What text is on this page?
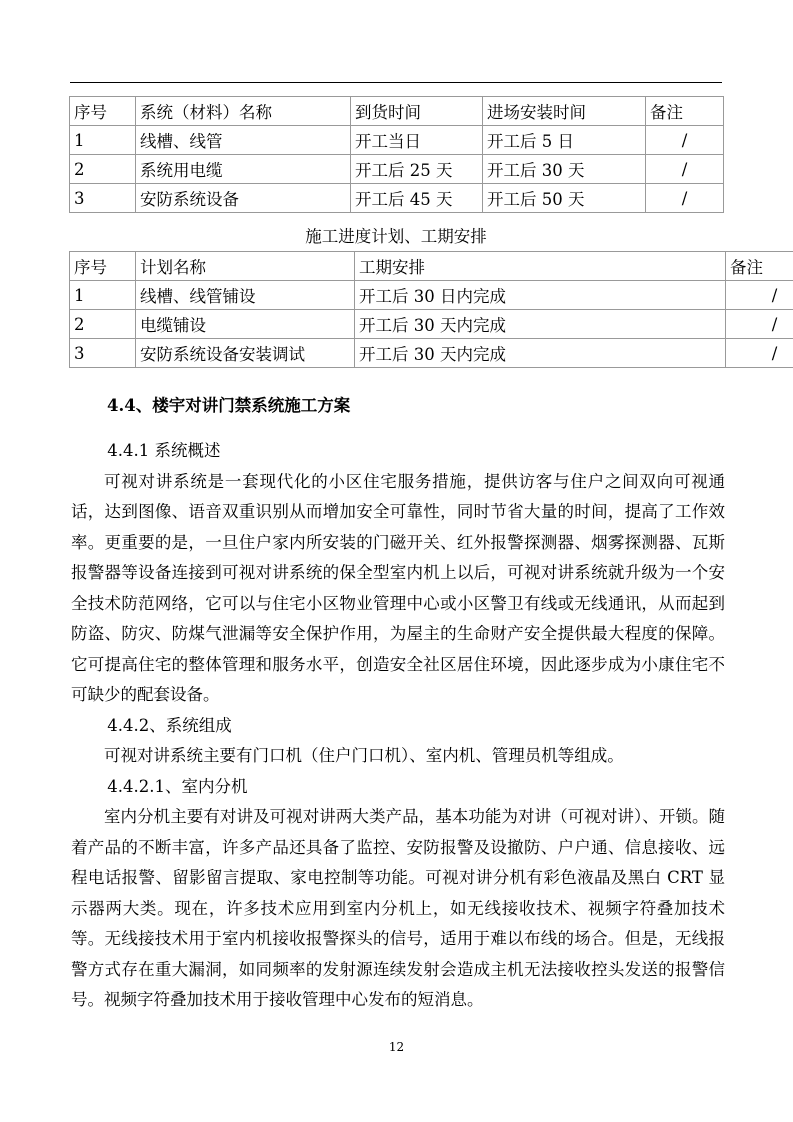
序号	系统（材料）名称	到货时间	进场安装时间	备注
1	线槽、线管	开工当日	开工后 5 日	/
2	系统用电缆	开工后 25 天	开工后 30 天	/
3	安防系统设备	开工后 45 天	开工后 50 天	/
施工进度计划、工期安排
序号	计划名称	工期安排	备注
1	线槽、线管铺设	开工后 30 日内完成	/
2	电缆铺设	开工后 30 天内完成	/
3	安防系统设备安装调试	开工后 30 天内完成	/
4.4、楼宇对讲门禁系统施工方案

4.4.1 系统概述

可视对讲系统是一套现代化的小区住宅服务措施，提供访客与住户之间双向可视通话，达到图像、语音双重识别从而增加安全可靠性，同时节省大量的时间，提高了工作效率。更重要的是，一旦住户家内所安装的门磁开关、红外报警探测器、烟雾探测器、瓦斯报警器等设备连接到可视对讲系统的保全型室内机上以后，可视对讲系统就升级为一个安全技术防范网络，它可以与住宅小区物业管理中心或小区警卫有线或无线通讯，从而起到防盗、防灾、防煤气泄漏等安全保护作用，为屋主的生命财产安全提供最大程度的保障。它可提高住宅的整体管理和服务水平，创造安全社区居住环境，因此逐步成为小康住宅不可缺少的配套设备。

4.4.2、系统组成

可视对讲系统主要有门口机（住户门口机）、室内机、管理员机等组成。

4.4.2.1、室内分机

室内分机主要有对讲及可视对讲两大类产品，基本功能为对讲（可视对讲）、开锁。随着产品的不断丰富，许多产品还具备了监控、安防报警及设撤防、户户通、信息接收、远程电话报警、留影留言提取、家电控制等功能。可视对讲分机有彩色液晶及黑白 CRT 显示器两大类。现在，许多技术应用到室内分机上，如无线接收技术、视频字符叠加技术等。无线接技术用于室内机接收报警探头的信号，适用于难以布线的场合。但是，无线报警方式存在重大漏洞，如同频率的发射源连续发射会造成主机无法接收控头发送的报警信号。视频字符叠加技术用于接收管理中心发布的短消息。

12
